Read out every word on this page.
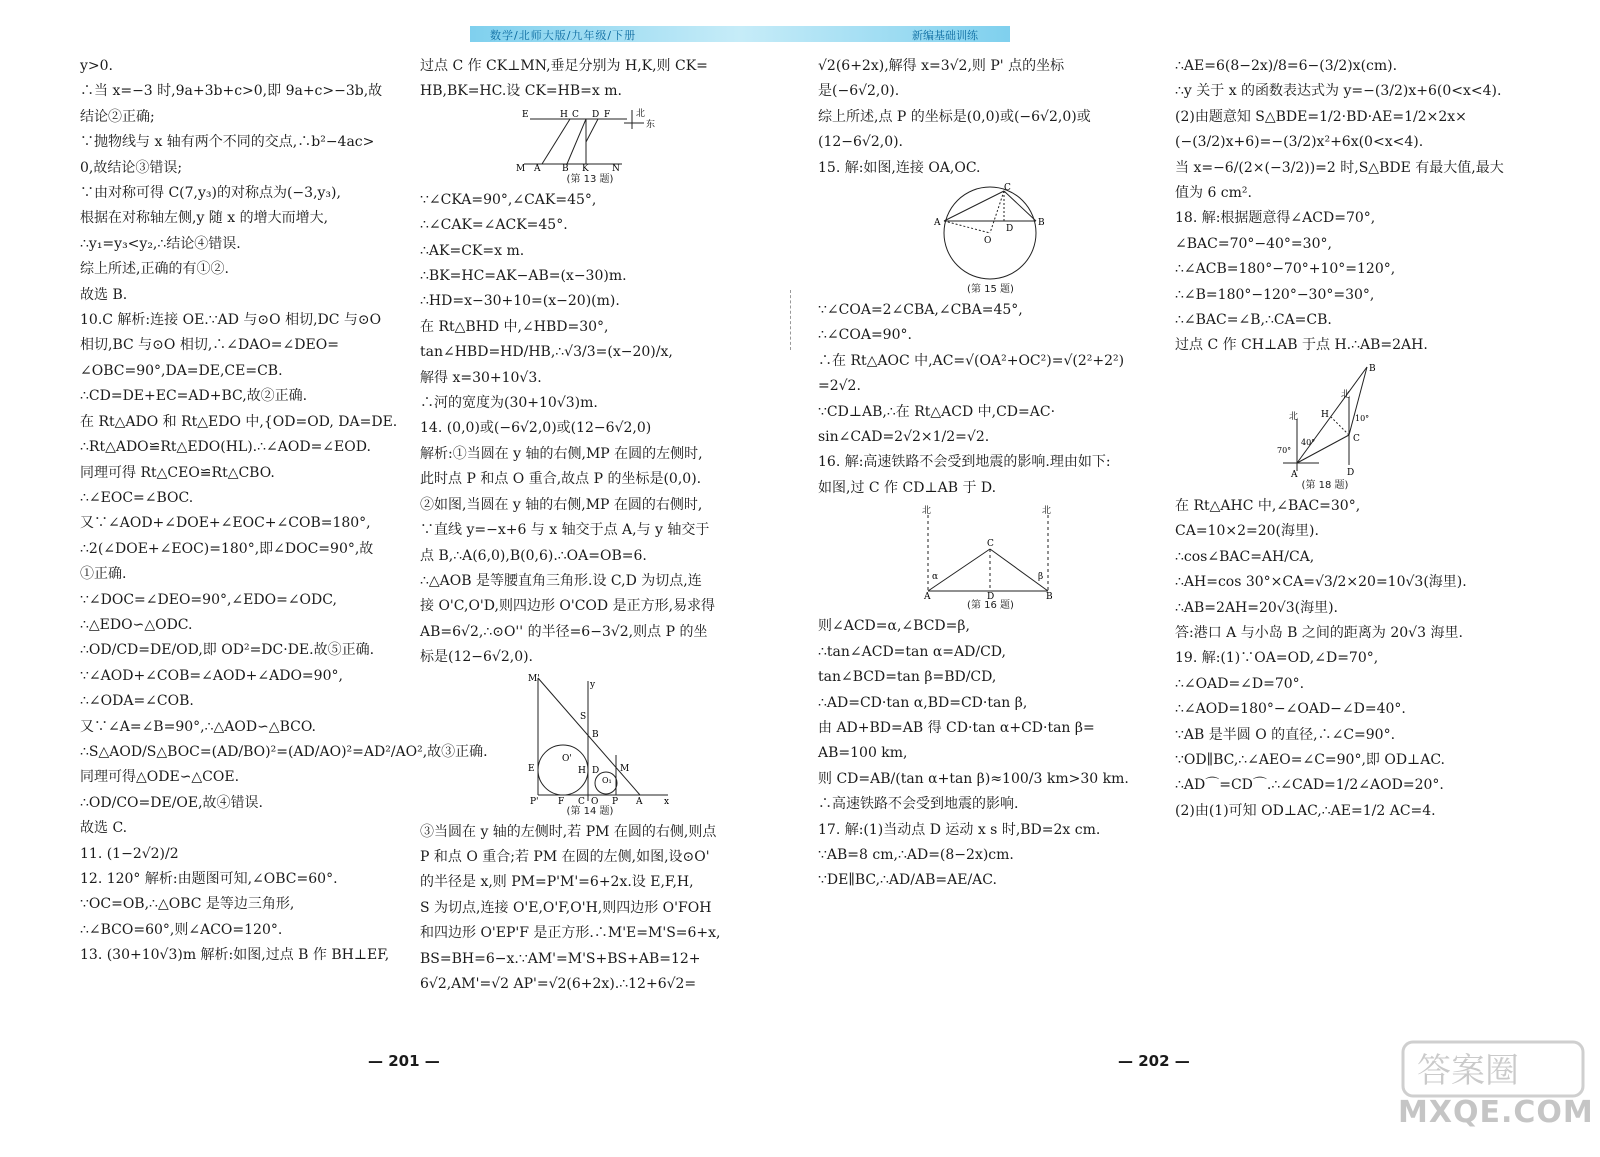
数学/北师大版/九年级/下册	新编基础训练

y>0.

∴当 x=−3 时,9a+3b+c>0,即 9a+c>−3b,故

结论②正确;

∵抛物线与 x 轴有两个不同的交点,∴b²−4ac>

0,故结论③错误;

∵由对称可得 C(7,y₃)的对称点为(−3,y₃),

根据在对称轴左侧,y 随 x 的增大而增大,

∴y₁=y₃<y₂,∴结论④错误.

综上所述,正确的有①②.

故选 B.

10.C 解析:连接 OE.∵AD 与⊙O 相切,DC 与⊙O

相切,BC 与⊙O 相切,∴∠DAO=∠DEO=

∠OBC=90°,DA=DE,CE=CB.

∴CD=DE+EC=AD+BC,故②正确.

在 Rt△ADO 和 Rt△EDO 中,{OD=OD, DA=DE.

∴Rt△ADO≌Rt△EDO(HL).∴∠AOD=∠EOD.

同理可得 Rt△CEO≌Rt△CBO.

∴∠EOC=∠BOC.

又∵∠AOD+∠DOE+∠EOC+∠COB=180°,

∴2(∠DOE+∠EOC)=180°,即∠DOC=90°,故

①正确.

∵∠DOC=∠DEO=90°,∠EDO=∠ODC,

∴△EDO∽△ODC.

∴OD/CD=DE/OD,即 OD²=DC·DE.故⑤正确.

∵∠AOD+∠COB=∠AOD+∠ADO=90°,

∴∠ODA=∠COB.

又∵∠A=∠B=90°,∴△AOD∽△BCO.

∴S△AOD/S△BOC=(AD/BO)²=(AD/AO)²=AD²/AO²,故③正确.

同理可得△ODE∽△COE.

∴OD/CO=DE/OE,故④错误.

故选 C.

11. (1−2√2)/2

12. 120° 解析:由题图可知,∠OBC=60°.

∵OC=OB,∴△OBC 是等边三角形,

∴∠BCO=60°,则∠ACO=120°.

13. (30+10√3)m 解析:如图,过点 B 作 BH⊥EF,

过点 C 作 CK⊥MN,垂足分别为 H,K,则 CK=

HB,BK=HC.设 CK=HB=x m.

E	H C D F
M A B K	N
北
东
(第 13 题)

∵∠CKA=90°,∠CAK=45°,

∴∠CAK=∠ACK=45°.

∴AK=CK=x m.

∴BK=HC=AK−AB=(x−30)m.

∴HD=x−30+10=(x−20)(m).

在 Rt△BHD 中,∠HBD=30°,

tan∠HBD=HD/HB,∴√3/3=(x−20)/x,

解得 x=30+10√3.

∴河的宽度为(30+10√3)m.

14. (0,0)或(−6√2,0)或(12−6√2,0)

解析:①当圆在 y 轴的右侧,MP 在圆的左侧时,

此时点 P 和点 O 重合,故点 P 的坐标是(0,0).

②如图,当圆在 y 轴的右侧,MP 在圆的右侧时,

∵直线 y=−x+6 与 x 轴交于点 A,与 y 轴交于

点 B,∴A(6,0),B(0,6).∴OA=OB=6.

∴△AOB 是等腰直角三角形.设 C,D 为切点,连

接 O'C,O'D,则四边形 O'COD 是正方形,易求得

AB=6√2,∴⊙O'' 的半径=6−3√2,则点 P 的坐

标是(12−6√2,0).

M'
y
S
B
E
O'
H D
O₁
M
P' F C O P A x
(第 14 题)

③当圆在 y 轴的左侧时,若 PM 在圆的右侧,则点

P 和点 O 重合;若 PM 在圆的左侧,如图,设⊙O'

的半径是 x,则 PM=P'M'=6+2x.设 E,F,H,

S 为切点,连接 O'E,O'F,O'H,则四边形 O'FOH

和四边形 O'EP'F 是正方形.∴M'E=M'S=6+x,

BS=BH=6−x.∵AM'=M'S+BS+AB=12+

6√2,AM'=√2 AP'=√2(6+2x).∴12+6√2=

√2(6+2x),解得 x=3√2,则 P' 点的坐标

是(−6√2,0).

综上所述,点 P 的坐标是(0,0)或(−6√2,0)或

(12−6√2,0).

15. 解:如图,连接 OA,OC.

C
A
D
B
O
(第 15 题)

∵∠COA=2∠CBA,∠CBA=45°,

∴∠COA=90°.

∴在 Rt△AOC 中,AC=√(OA²+OC²)=√(2²+2²)

=2√2.

∵CD⊥AB,∴在 Rt△ACD 中,CD=AC·

sin∠CAD=2√2×1/2=√2.

16. 解:高速铁路不会受到地震的影响.理由如下:

如图,过 C 作 CD⊥AB 于 D.

北	北
C
α	β
A	D	B
(第 16 题)

则∠ACD=α,∠BCD=β,

∴tan∠ACD=tan α=AD/CD,

tan∠BCD=tan β=BD/CD,

∴AD=CD·tan α,BD=CD·tan β,

由 AD+BD=AB 得 CD·tan α+CD·tan β=

AB=100 km,

则 CD=AB/(tan α+tan β)≈100/3 km>30 km.

∴高速铁路不会受到地震的影响.

17. 解:(1)当动点 D 运动 x s 时,BD=2x cm.

∵AB=8 cm,∴AD=(8−2x)cm.

∵DE∥BC,∴AD/AB=AE/AC.

∴AE=6(8−2x)/8=6−(3/2)x(cm).

∴y 关于 x 的函数表达式为 y=−(3/2)x+6(0<x<4).

(2)由题意知 S△BDE=1/2·BD·AE=1/2×2x×

(−(3/2)x+6)=−(3/2)x²+6x(0<x<4).

当 x=−6/(2×(−3/2))=2 时,S△BDE 有最大值,最大

值为 6 cm².

18. 解:根据题意得∠ACD=70°,

∠BAC=70°−40°=30°,

∴∠ACB=180°−70°+10°=120°,

∴∠B=180°−120°−30°=30°,

∴∠BAC=∠B,∴CA=CB.

过点 C 作 CH⊥AB 于点 H.∴AB=2AH.

B
北
北
10°
H
70°
40°	C
A	D
(第 18 题)

在 Rt△AHC 中,∠BAC=30°,

CA=10×2=20(海里).

∴cos∠BAC=AH/CA,

∴AH=cos 30°×CA=√3/2×20=10√3(海里).

∴AB=2AH=20√3(海里).

答:港口 A 与小岛 B 之间的距离为 20√3 海里.

19. 解:(1)∵OA=OD,∠D=70°,

∴∠OAD=∠D=70°.

∴∠AOD=180°−∠OAD−∠D=40°.

∵AB 是半圆 O 的直径,∴∠C=90°.

∵OD∥BC,∴∠AEO=∠C=90°,即 OD⊥AC.

∴AD⌒=CD⌒.∴∠CAD=1/2∠AOD=20°.

(2)由(1)可知 OD⊥AC,∴AE=1/2 AC=4.

— 201 —	— 202 —	答案圈
MXQE.COM
